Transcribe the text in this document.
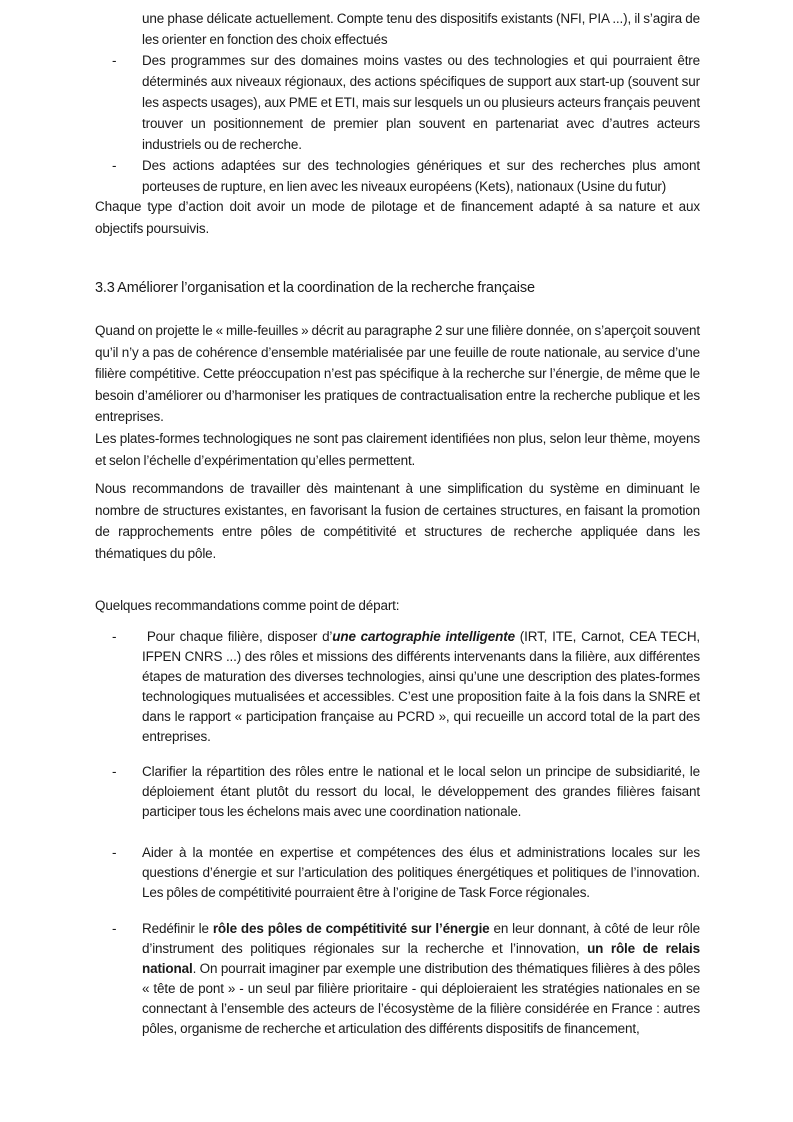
une phase délicate actuellement. Compte tenu des dispositifs existants (NFI, PIA ...), il s’agira de les orienter en fonction des choix effectués
- Des programmes sur des domaines moins vastes ou des technologies et qui pourraient être déterminés aux niveaux régionaux, des actions spécifiques de support aux start-up (souvent sur les aspects usages), aux PME et ETI, mais sur lesquels un ou plusieurs acteurs français peuvent trouver un positionnement de premier plan souvent en partenariat avec d’autres acteurs industriels ou de recherche.
- Des actions adaptées sur des technologies génériques et sur des recherches plus amont porteuses de rupture, en lien avec les niveaux européens (Kets), nationaux (Usine du futur)
Chaque type d’action doit avoir un mode de pilotage et de financement adapté à sa nature et aux objectifs poursuivis.
3.3 Améliorer l’organisation et la coordination de la recherche française
Quand on projette le « mille-feuilles » décrit au paragraphe 2 sur une filière donnée, on s’aperçoit souvent qu’il n’y a pas de cohérence d’ensemble matérialisée par une feuille de route nationale, au service d’une filière compétitive. Cette préoccupation n’est pas spécifique à la recherche sur l’énergie, de même que le besoin d’améliorer ou d’harmoniser les pratiques de contractualisation entre la recherche publique et les entreprises.
Les plates-formes technologiques ne sont pas clairement identifiées non plus, selon leur thème, moyens et selon l’échelle d’expérimentation qu’elles permettent.
Nous recommandons de travailler dès maintenant à une simplification du système en diminuant le nombre de structures existantes, en favorisant la fusion de certaines structures, en faisant la promotion de rapprochements entre pôles de compétitivité et structures de recherche appliquée dans les thématiques du pôle.
Quelques recommandations comme point de départ:
- Pour chaque filière, disposer d’une cartographie intelligente (IRT, ITE, Carnot, CEA TECH, IFPEN CNRS ...) des rôles et missions des différents intervenants dans la filière, aux différentes étapes de maturation des diverses technologies, ainsi qu’une une description des plates-formes technologiques mutualisées et accessibles. C’est une proposition faite à la fois dans la SNRE et dans le rapport « participation française au PCRD », qui recueille un accord total de la part des entreprises.
- Clarifier la répartition des rôles entre le national et le local selon un principe de subsidiarité, le déploiement étant plutôt du ressort du local, le développement des grandes filières faisant participer tous les échelons mais avec une coordination nationale.
- Aider à la montée en expertise et compétences des élus et administrations locales sur les questions d’énergie et sur l’articulation des politiques énergétiques et politiques de l’innovation. Les pôles de compétitivité pourraient être à l’origine de Task Force régionales.
- Redéfinir le rôle des pôles de compétitivité sur l’énergie en leur donnant, à côté de leur rôle d’instrument des politiques régionales sur la recherche et l’innovation, un rôle de relais national. On pourrait imaginer par exemple une distribution des thématiques filières à des pôles « tête de pont » - un seul par filière prioritaire - qui déploieraient les stratégies nationales en se connectant à l’ensemble des acteurs de l’écosystème de la filière considérée en France : autres pôles, organisme de recherche et articulation des différents dispositifs de financement,
